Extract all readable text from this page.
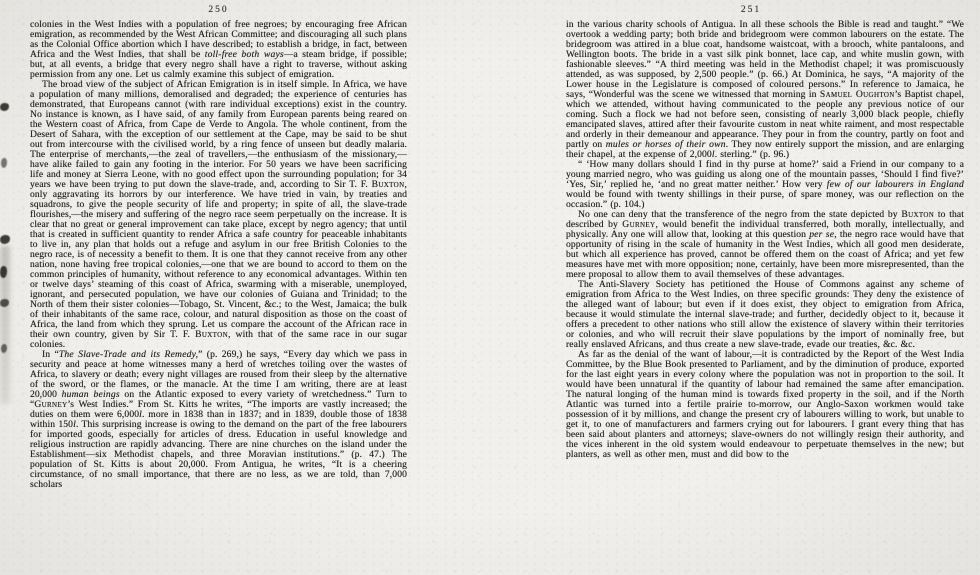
250

colonies in the West Indies with a population of free negroes; by encouraging free African emigration, as recommended by the West African Committee; and discouraging all such plans as the Colonial Office abortion which I have described; to establish a bridge, in fact, between Africa and the West Indies, that shall be toll-free both ways—a steam bridge, if possible; but, at all events, a bridge that every negro shall have a right to traverse, without asking permission from any one. Let us calmly examine this subject of emigration.

The broad view of the subject of African Emigration is in itself simple. In Africa, we have a population of many millions, demoralised and degraded; the experience of centuries has demonstrated, that Europeans cannot (with rare individual exceptions) exist in the country. No instance is known, as I have said, of any family from European parents being reared on the Western coast of Africa, from Cape de Verde to Angola. The whole continent, from the Desert of Sahara, with the exception of our settlement at the Cape, may be said to be shut out from intercourse with the civilised world, by a ring fence of unseen but deadly malaria. The enterprise of merchants,—the zeal of travellers,—the enthusiasm of the missionary,—have alike failed to gain any footing in the interior. For 50 years we have been sacrificing life and money at Sierra Leone, with no good effect upon the surrounding population; for 34 years we have been trying to put down the slave-trade, and, according to Sir T. F. Buxton, only aggravating its horrors by our interference. We have tried in vain, by treaties and squadrons, to give the people security of life and property; in spite of all, the slave-trade flourishes,—the misery and suffering of the negro race seem perpetually on the increase. It is clear that no great or general improvement can take place, except by negro agency; that until that is created in sufficient quantity to render Africa a safe country for peaceable inhabitants to live in, any plan that holds out a refuge and asylum in our free British Colonies to the negro race, is of necessity a benefit to them. It is one that they cannot receive from any other nation, none having free tropical colonies,—one that we are bound to accord to them on the common principles of humanity, without reference to any economical advantages. Within ten or twelve days’ steaming of this coast of Africa, swarming with a miserable, unemployed, ignorant, and persecuted population, we have our colonies of Guiana and Trinidad; to the North of them their sister colonies—Tobago, St. Vincent, &c.; to the West, Jamaica; the bulk of their inhabitants of the same race, colour, and natural disposition as those on the coast of Africa, the land from which they sprung. Let us compare the account of the African race in their own country, given by Sir T. F. Buxton, with that of the same race in our sugar colonies.

In “The Slave-Trade and its Remedy,” (p. 269,) he says, “Every day which we pass in security and peace at home witnesses many a herd of wretches toiling over the wastes of Africa, to slavery or death; every night villages are roused from their sleep by the alternative of the sword, or the flames, or the manacle. At the time I am writing, there are at least 20,000 human beings on the Atlantic exposed to every variety of wretchedness.” Turn to “Gurney’s West Indies.” From St. Kitts he writes, “The imports are vastly increased; the duties on them were 6,000l. more in 1838 than in 1837; and in 1839, double those of 1838 within 150l. This surprising increase is owing to the demand on the part of the free labourers for imported goods, especially for articles of dress. Education in useful knowledge and religious instruction are rapidly advancing. There are nine churches on the island under the Establishment—six Methodist chapels, and three Moravian institutions.” (p. 47.) The population of St. Kitts is about 20,000. From Antigua, he writes, “It is a cheering circumstance, of no small importance, that there are no less, as we are told, than 7,000 scholars

251

in the various charity schools of Antigua. In all these schools the Bible is read and taught.” “We overtook a wedding party; both bride and bridegroom were common labourers on the estate. The bridegroom was attired in a blue coat, handsome waistcoat, with a brooch, white pantaloons, and Wellington boots. The bride in a vast silk pink bonnet, lace cap, and white muslin gown, with fashionable sleeves.” “A third meeting was held in the Methodist chapel; it was promiscuously attended, as was supposed, by 2,500 people.” (p. 66.) At Dominica, he says, “A majority of the Lower house in the Legislature is composed of coloured persons.” In reference to Jamaica, he says, “Wonderful was the scene we witnessed that morning in Samuel Oughton’s Baptist chapel, which we attended, without having communicated to the people any previous notice of our coming. Such a flock we had not before seen, consisting of nearly 3,000 black people, chiefly emancipated slaves, attired after their favourite custom in neat white raiment, and most respectable and orderly in their demeanour and appearance. They pour in from the country, partly on foot and partly on mules or horses of their own. They now entirely support the mission, and are enlarging their chapel, at the expense of 2,000l. sterling.” (p. 96.)

“ ‘How many dollars should I find in thy purse at home?’ said a Friend in our company to a young married negro, who was guiding us along one of the mountain passes, ‘Should I find five?’ ‘Yes, Sir,’ replied he, ‘and no great matter neither.’ How very few of our labourers in England would be found with twenty shillings in their purse, of spare money, was our reflection on the occasion.” (p. 104.)

No one can deny that the transference of the negro from the state depicted by Buxton to that described by Gurney, would benefit the individual transferred, both morally, intellectually, and physically. Any one will allow that, looking at this question per se, the negro race would have that opportunity of rising in the scale of humanity in the West Indies, which all good men desiderate, but which all experience has proved, cannot be offered them on the coast of Africa; and yet few measures have met with more opposition; none, certainly, have been more misrepresented, than the mere proposal to allow them to avail themselves of these advantages.

The Anti-Slavery Society has petitioned the House of Commons against any scheme of emigration from Africa to the West Indies, on three specific grounds: They deny the existence of the alleged want of labour; but even if it does exist, they object to emigration from Africa, because it would stimulate the internal slave-trade; and further, decidedly object to it, because it offers a precedent to other nations who still allow the existence of slavery within their territories or colonies, and who will recruit their slave populations by the import of nominally free, but really enslaved Africans, and thus create a new slave-trade, evade our treaties, &c. &c.

As far as the denial of the want of labour,—it is contradicted by the Report of the West India Committee, by the Blue Book presented to Parliament, and by the diminution of produce, exported for the last eight years in every colony where the population was not in proportion to the soil. It would have been unnatural if the quantity of labour had remained the same after emancipation. The natural longing of the human mind is towards fixed property in the soil, and if the North Atlantic was turned into a fertile prairie to-morrow, our Anglo-Saxon workmen would take possession of it by millions, and change the present cry of labourers willing to work, but unable to get it, to one of manufacturers and farmers crying out for labourers. I grant every thing that has been said about planters and attorneys; slave-owners do not willingly resign their authority, and the vices inherent in the old system would endeavour to perpetuate themselves in the new; but planters, as well as other men, must and did bow to the
